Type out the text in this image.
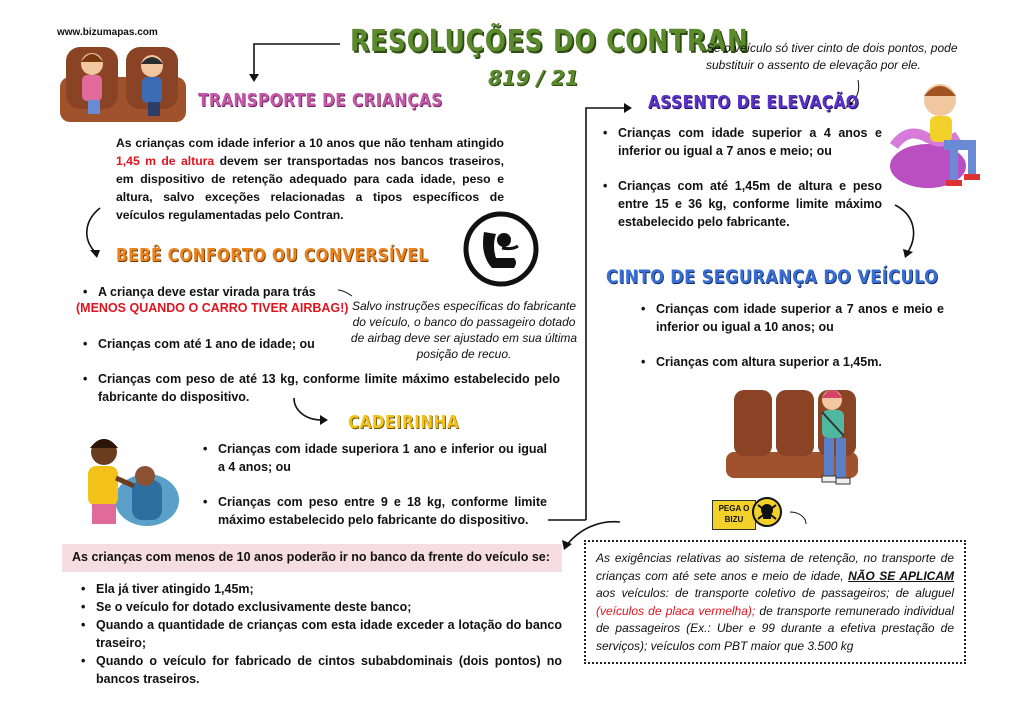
www.bizumapas.com	RESOLUÇÕES DO CONTRAN
819 / 21
TRANSPORTE DE CRIANÇAS
As crianças com idade inferior a 10 anos que não tenham atingido 1,45 m de altura devem ser transportadas nos bancos traseiros, em dispositivo de retenção adequado para cada idade, peso e altura, salvo exceções relacionadas a tipos específicos de veículos regulamentadas pelo Contran.
BEBÊ CONFORTO OU CONVERSÍVEL
• A criança deve estar virada para trás
(MENOS QUANDO O CARRO TIVER AIRBAG!)
• Crianças com até 1 ano de idade; ou
• Crianças com peso de até 13 kg, conforme limite máximo estabelecido pelo fabricante do dispositivo.
Salvo instruções específicas do fabricante do veículo, o banco do passageiro dotado de airbag deve ser ajustado em sua última posição de recuo.
CADEIRINHA
• Crianças com idade superiora 1 ano e inferior ou igual a 4 anos; ou
• Crianças com peso entre 9 e 18 kg, conforme limite máximo estabelecido pelo fabricante do dispositivo.
As crianças com menos de 10 anos poderão ir no banco da frente do veículo se:
• Ela já tiver atingido 1,45m;
• Se o veículo for dotado exclusivamente deste banco;
• Quando a quantidade de crianças com esta idade exceder a lotação do banco traseiro;
• Quando o veículo for fabricado de cintos subabdominais (dois pontos) no bancos traseiros.
Se o veículo só tiver cinto de dois pontos, pode substituir o assento de elevação por ele.
ASSENTO DE ELEVAÇÃO
• Crianças com idade superior a 4 anos e inferior ou igual a 7 anos e meio; ou
• Crianças com até 1,45m de altura e peso entre 15 e 36 kg, conforme limite máximo estabelecido pelo fabricante.
CINTO DE SEGURANÇA DO VEÍCULO
• Crianças com idade superior a 7 anos e meio e inferior ou igual a 10 anos; ou
• Crianças com altura superior a 1,45m.
PEGA O
BIZU
As exigências relativas ao sistema de retenção, no transporte de crianças com até sete anos e meio de idade, NÃO SE APLICAM aos veículos: de transporte coletivo de passageiros; de aluguel (veículos de placa vermelha); de transporte remunerado individual de passageiros (Ex.: Uber e 99 durante a efetiva prestação de serviços); veículos com PBT maior que 3.500 kg
